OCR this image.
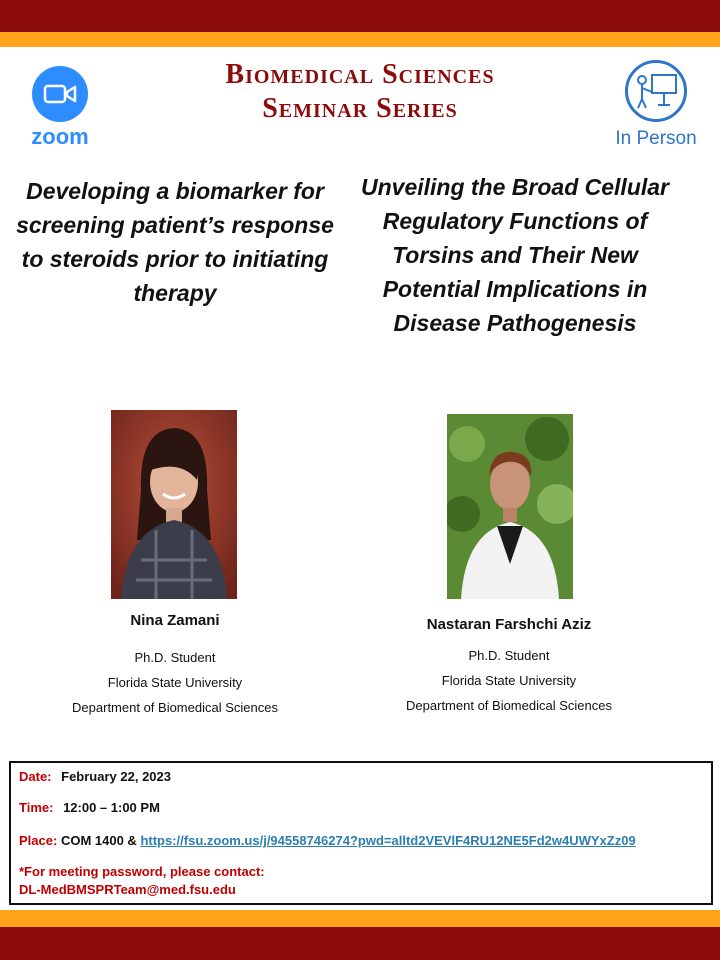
zoom
Biomedical Sciences
Seminar Series
In Person
Developing a biomarker for screening patient’s response to steroids prior to initiating therapy
Unveiling the Broad Cellular Regulatory Functions of Torsins and Their New Potential Implications in Disease Pathogenesis

Nina Zamani

Ph.D. Student

Florida State University

Department of Biomedical Sciences

Nastaran Farshchi Aziz

Ph.D. Student

Florida State University

Department of Biomedical Sciences

Date: February 22, 2023
Time: 12:00 – 1:00 PM
Place: COM 1400 & https://fsu.zoom.us/j/94558746274?pwd=alltd2VEVlF4RU12NE5Fd2w4UWYxZz09
*For meeting password, please contact:
DL-MedBMSPRTeam@med.fsu.edu
